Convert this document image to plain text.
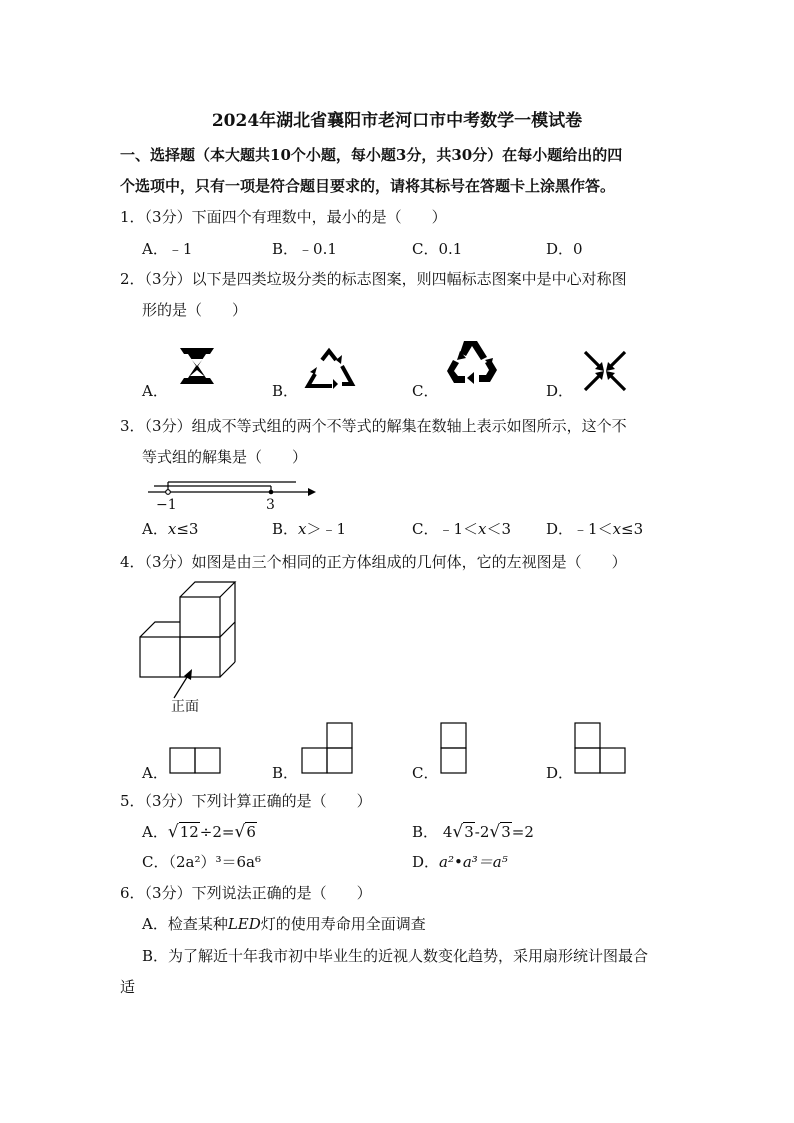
2024年湖北省襄阳市老河口市中考数学一模试卷
一、选择题（本大题共10个小题，每小题3分，共30分）在每小题给出的四
个选项中，只有一项是符合题目要求的，请将其标号在答题卡上涂黑作答。
1．（3分）下面四个有理数中，最小的是（　　）
A．﹣1	B．﹣0.1	C．0.1	D．0
2．（3分）以下是四类垃圾分类的标志图案，则四幅标志图案中是中心对称图
形的是（　　）
A．	B．	C．	D．
3．（3分）组成不等式组的两个不等式的解集在数轴上表示如图所示，这个不
等式组的解集是（　　）
−1	3
A．x≤3	B．x＞﹣1	C．﹣1＜x＜3 D．﹣1＜x≤3
4．（3分）如图是由三个相同的正方体组成的几何体，它的左视图是（　　）
正面
A．	B．	C．	D．
5．（3分）下列计算正确的是（　　）
A．√12÷2=√6	B． 4√3-2√3=2
C．（2a²）³＝6a⁶	D．a²•a³＝a⁵
6．（3分）下列说法正确的是（　　）
A．检查某种LED灯的使用寿命用全面调查
B．为了解近十年我市初中毕业生的近视人数变化趋势，采用扇形统计图最合
适
